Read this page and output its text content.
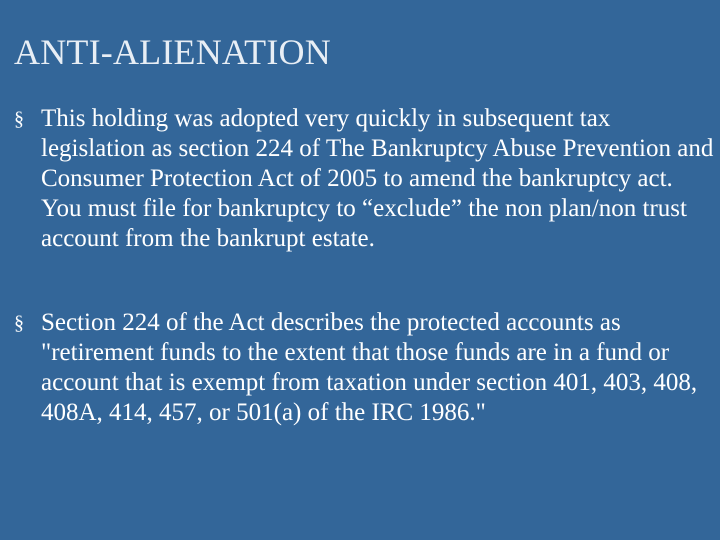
ANTI-ALIENATION
§ This holding was adopted very quickly in subsequent tax legislation as section 224 of The Bankruptcy Abuse Prevention and Consumer Protection Act of 2005 to amend the bankruptcy act. You must file for bankruptcy to “exclude” the non plan/non trust account from the bankrupt estate.
§ Section 224 of the Act describes the protected accounts as "retirement funds to the extent that those funds are in a fund or account that is exempt from taxation under section 401, 403, 408, 408A, 414, 457, or 501(a) of the IRC 1986."
